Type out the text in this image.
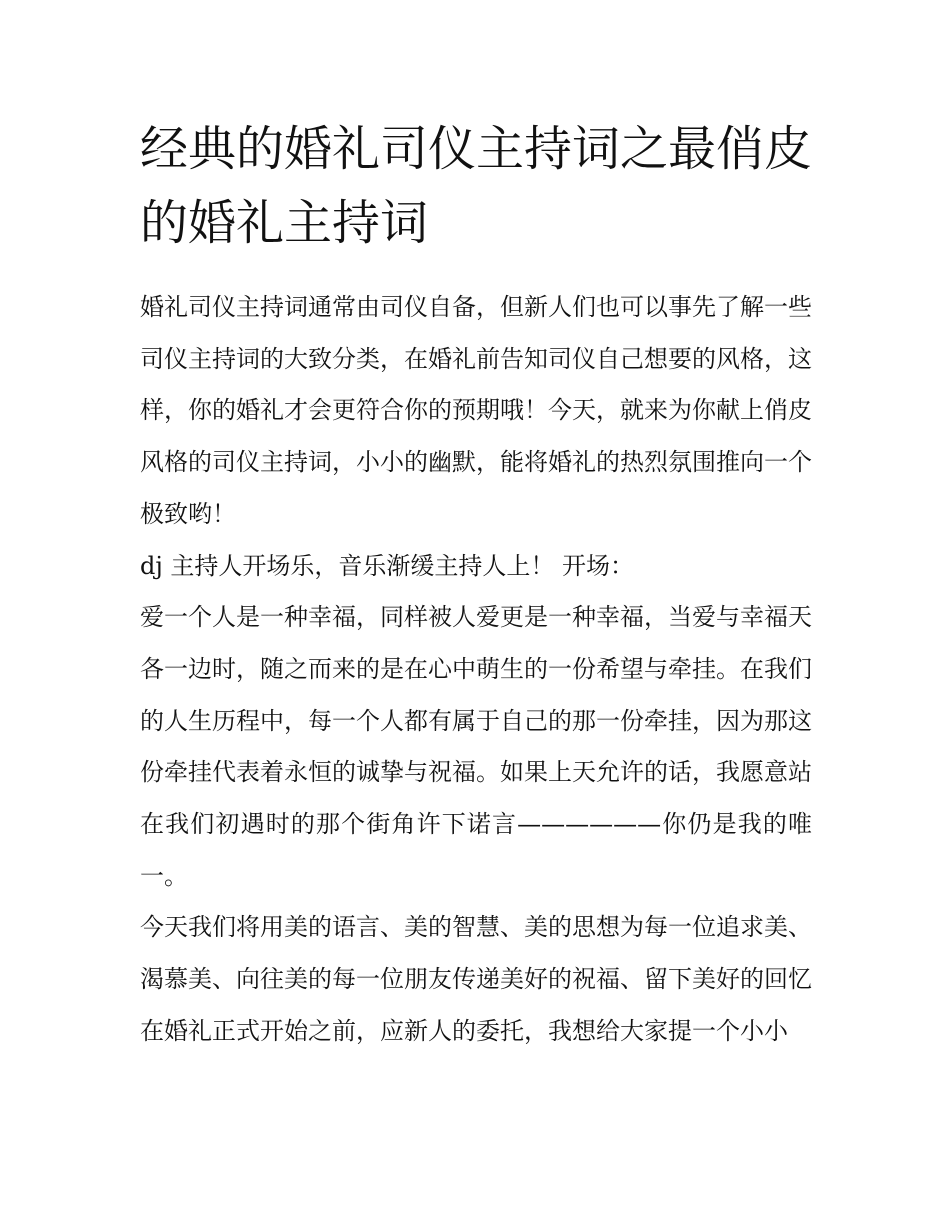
经典的婚礼司仪主持词之最俏皮的婚礼主持词

婚礼司仪主持词通常由司仪自备，但新人们也可以事先了解一些司仪主持词的大致分类，在婚礼前告知司仪自己想要的风格，这样，你的婚礼才会更符合你的预期哦！今天，就来为你献上俏皮风格的司仪主持词，小小的幽默，能将婚礼的热烈氛围推向一个极致哟！

dj 主持人开场乐，音乐渐缓主持人上！ 开场：

爱一个人是一种幸福，同样被人爱更是一种幸福，当爱与幸福天各一边时，随之而来的是在心中萌生的一份希望与牵挂。在我们的人生历程中，每一个人都有属于自己的那一份牵挂，因为那这份牵挂代表着永恒的诚挚与祝福。如果上天允许的话，我愿意站在我们初遇时的那个街角许下诺言——————你仍是我的唯一。

今天我们将用美的语言、美的智慧、美的思想为每一位追求美、渴慕美、向往美的每一位朋友传递美好的祝福、留下美好的回忆

在婚礼正式开始之前，应新人的委托，我想给大家提一个小小
